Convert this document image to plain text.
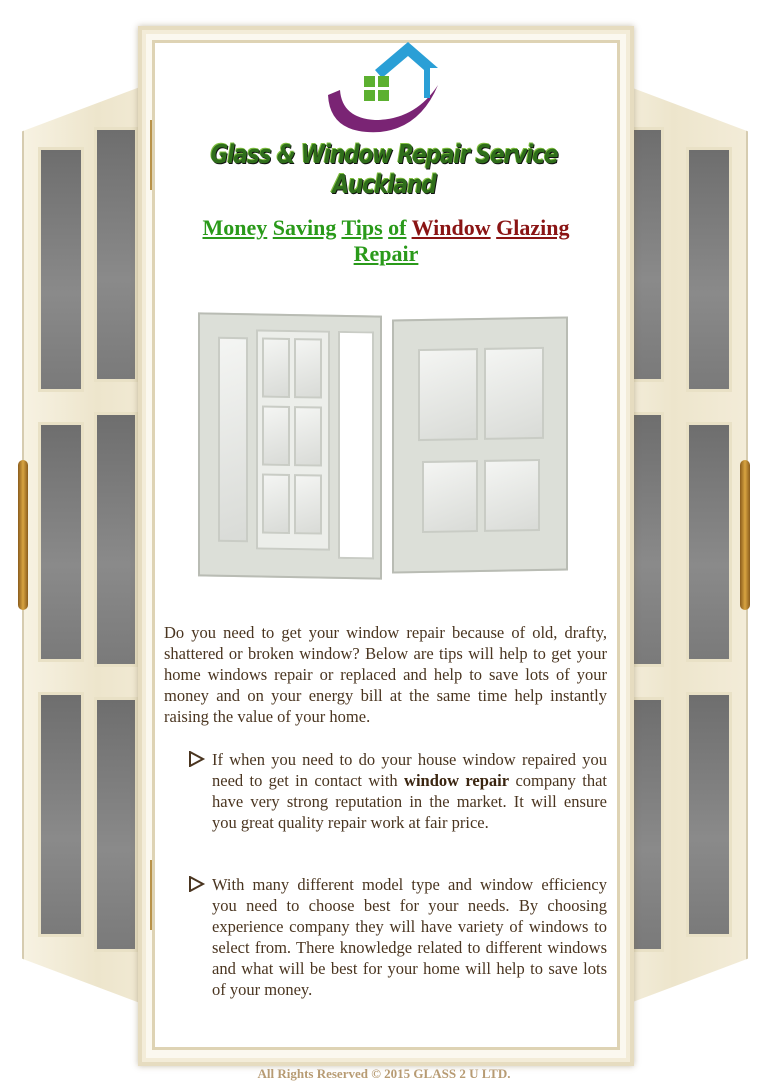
Glass & Window Repair Service Auckland
Money Saving Tips of Window Glazing
Repair

Do you need to get your window repair because of old, drafty, shattered or broken window? Below are tips will help to get your home windows repair or replaced and help to save lots of your money and on your energy bill at the same time help instantly raising the value of your home.

If when you need to do your house window repaired you need to get in contact with window repair company that have very strong reputation in the market. It will ensure you great quality repair work at fair price.
With many different model type and window efficiency you need to choose best for your needs. By choosing experience company they will have variety of windows to select from. There knowledge related to different windows and what will be best for your home will help to save lots of your money.
All Rights Reserved © 2015 GLASS 2 U LTD.
